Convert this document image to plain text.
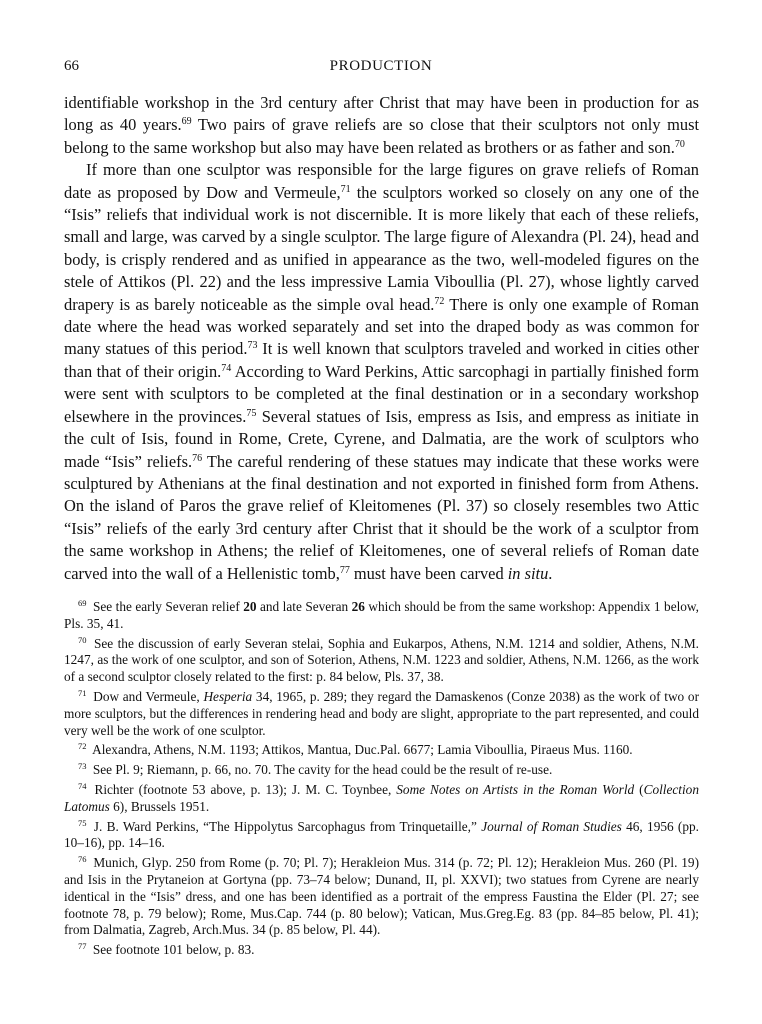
66	PRODUCTION

identifiable workshop in the 3rd century after Christ that may have been in production for as long as 40 years.$^{69}$ Two pairs of grave reliefs are so close that their sculptors not only must belong to the same workshop but also may have been related as brothers or as father and son.$^{70}$

If more than one sculptor was responsible for the large figures on grave reliefs of Roman date as proposed by Dow and Vermeule,$^{71}$ the sculptors worked so closely on any one of the “Isis” reliefs that individual work is not discernible. It is more likely that each of these reliefs, small and large, was carved by a single sculptor. The large figure of Alexandra (Pl. 24), head and body, is crisply rendered and as unified in appearance as the two, well-modeled figures on the stele of Attikos (Pl. 22) and the less impressive Lamia Viboullia (Pl. 27), whose lightly carved drapery is as barely noticeable as the simple oval head.$^{72}$ There is only one example of Roman date where the head was worked separately and set into the draped body as was common for many statues of this period.$^{73}$ It is well known that sculptors traveled and worked in cities other than that of their origin.$^{74}$ According to Ward Perkins, Attic sarcophagi in partially finished form were sent with sculptors to be completed at the final destination or in a secondary workshop elsewhere in the provinces.$^{75}$ Several statues of Isis, empress as Isis, and empress as initiate in the cult of Isis, found in Rome, Crete, Cyrene, and Dalmatia, are the work of sculptors who made “Isis” reliefs.$^{76}$ The careful rendering of these statues may indicate that these works were sculptured by Athenians at the final destination and not exported in finished form from Athens. On the island of Paros the grave relief of Kleitomenes (Pl. 37) so closely resembles two Attic “Isis” reliefs of the early 3rd century after Christ that it should be the work of a sculptor from the same workshop in Athens; the relief of Kleitomenes, one of several reliefs of Roman date carved into the wall of a Hellenistic tomb,$^{77}$ must have been carved in situ.

$^{69}$ See the early Severan relief 20 and late Severan 26 which should be from the same workshop: Appendix 1 below, Pls. 35, 41.

$^{70}$ See the discussion of early Severan stelai, Sophia and Eukarpos, Athens, N.M. 1214 and soldier, Athens, N.M. 1247, as the work of one sculptor, and son of Soterion, Athens, N.M. 1223 and soldier, Athens, N.M. 1266, as the work of a second sculptor closely related to the first: p. 84 below, Pls. 37, 38.

$^{71}$ Dow and Vermeule, Hesperia 34, 1965, p. 289; they regard the Damaskenos (Conze 2038) as the work of two or more sculptors, but the differences in rendering head and body are slight, appropriate to the part represented, and could very well be the work of one sculptor.

$^{72}$ Alexandra, Athens, N.M. 1193; Attikos, Mantua, Duc.Pal. 6677; Lamia Viboullia, Piraeus Mus. 1160.

$^{73}$ See Pl. 9; Riemann, p. 66, no. 70. The cavity for the head could be the result of re-use.

$^{74}$ Richter (footnote 53 above, p. 13); J. M. C. Toynbee, Some Notes on Artists in the Roman World (Collection Latomus 6), Brussels 1951.

$^{75}$ J. B. Ward Perkins, “The Hippolytus Sarcophagus from Trinquetaille,” Journal of Roman Studies 46, 1956 (pp. 10–16), pp. 14–16.

$^{76}$ Munich, Glyp. 250 from Rome (p. 70; Pl. 7); Herakleion Mus. 314 (p. 72; Pl. 12); Herakleion Mus. 260 (Pl. 19) and Isis in the Prytaneion at Gortyna (pp. 73–74 below; Dunand, II, pl. XXVI); two statues from Cyrene are nearly identical in the “Isis” dress, and one has been identified as a portrait of the empress Faustina the Elder (Pl. 27; see footnote 78, p. 79 below); Rome, Mus.Cap. 744 (p. 80 below); Vatican, Mus.Greg.Eg. 83 (pp. 84–85 below, Pl. 41); from Dalmatia, Zagreb, Arch.Mus. 34 (p. 85 below, Pl. 44).

$^{77}$ See footnote 101 below, p. 83.
